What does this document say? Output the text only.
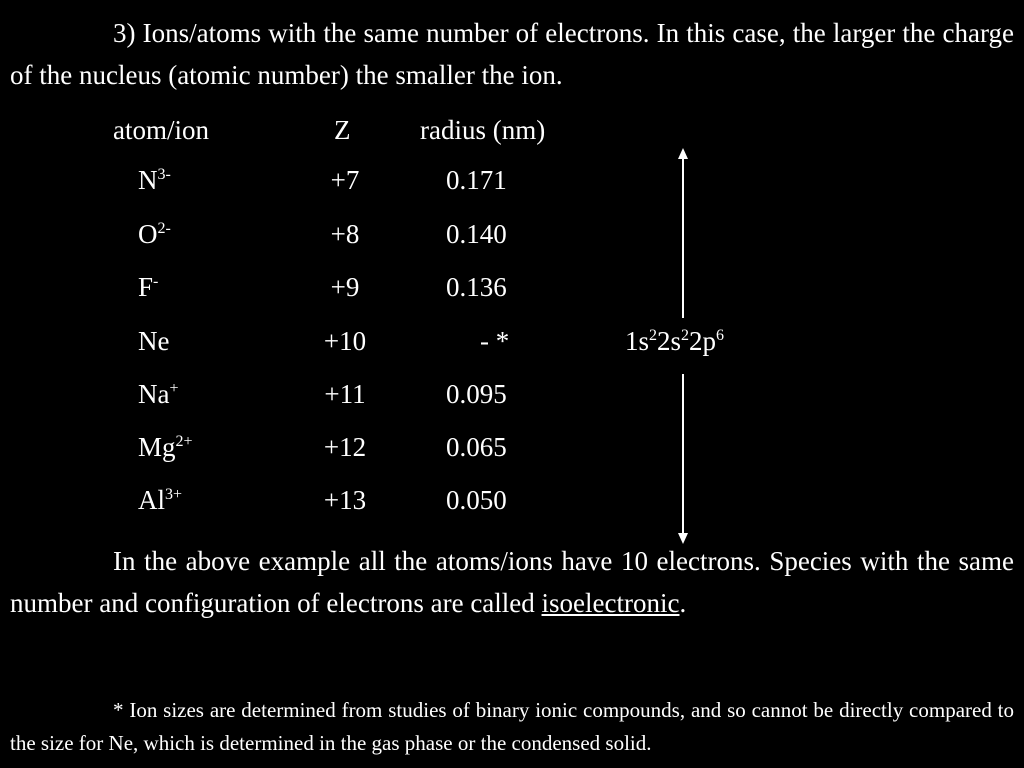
3) Ions/atoms with the same number of electrons. In this case, the larger the charge of the nucleus (atomic number) the smaller the ion.

atom/ion	Z	radius (nm)
$N^{3-}$	+7	0.171
$O^{2-}$	+8	0.140
F-	+9	0.136
Ne	+10	- *
Na+	+11	0.095
$Mg^{2+}$	+12	0.065
$Al^{3+}$	+13	0.050
$1s^22s^22p^6$

In the above example all the atoms/ions have 10 electrons. Species with the same number and configuration of electrons are called isoelectronic.

* Ion sizes are determined from studies of binary ionic compounds, and so cannot be directly compared to the size for Ne, which is determined in the gas phase or the condensed solid.
